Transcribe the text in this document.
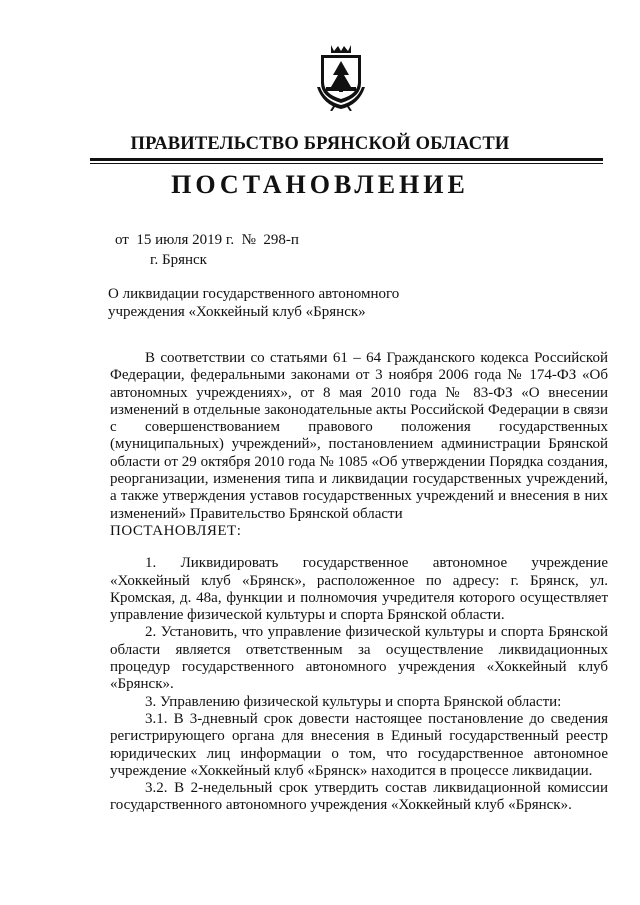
ПРАВИТЕЛЬСТВО БРЯНСКОЙ ОБЛАСТИ
ПОСТАНОВЛЕНИЕ
от 15 июля 2019 г. № 298-п
г. Брянск
О ликвидации государственного автономного
учреждения «Хоккейный клуб «Брянск»

В соответствии со статьями 61 – 64 Гражданского кодекса Российской Федерации, федеральными законами от 3 ноября 2006 года № 174-ФЗ «Об автономных учреждениях», от 8 мая 2010 года № 83-ФЗ «О внесении изменений в отдельные законодательные акты Российской Федерации в связи с совершенствованием правового положения государственных (муниципальных) учреждений», постановлением администрации Брянской области от 29 октября 2010 года № 1085 «Об утверждении Порядка создания, реорганизации, изменения типа и ликвидации государственных учреждений, а также утверждения уставов государственных учреждений и внесения в них изменений» Правительство Брянской области

ПОСТАНОВЛЯЕТ:

1. Ликвидировать государственное автономное учреждение «Хоккейный клуб «Брянск», расположенное по адресу: г. Брянск, ул. Кромская, д. 48а, функции и полномочия учредителя которого осуществляет управление физической культуры и спорта Брянской области.

2. Установить, что управление физической культуры и спорта Брянской области является ответственным за осуществление ликвидационных процедур государственного автономного учреждения «Хоккейный клуб «Брянск».

3. Управлению физической культуры и спорта Брянской области:

3.1. В 3-дневный срок довести настоящее постановление до сведения регистрирующего органа для внесения в Единый государственный реестр юридических лиц информации о том, что государственное автономное учреждение «Хоккейный клуб «Брянск» находится в процессе ликвидации.

3.2. В 2-недельный срок утвердить состав ликвидационной комиссии государственного автономного учреждения «Хоккейный клуб «Брянск».
